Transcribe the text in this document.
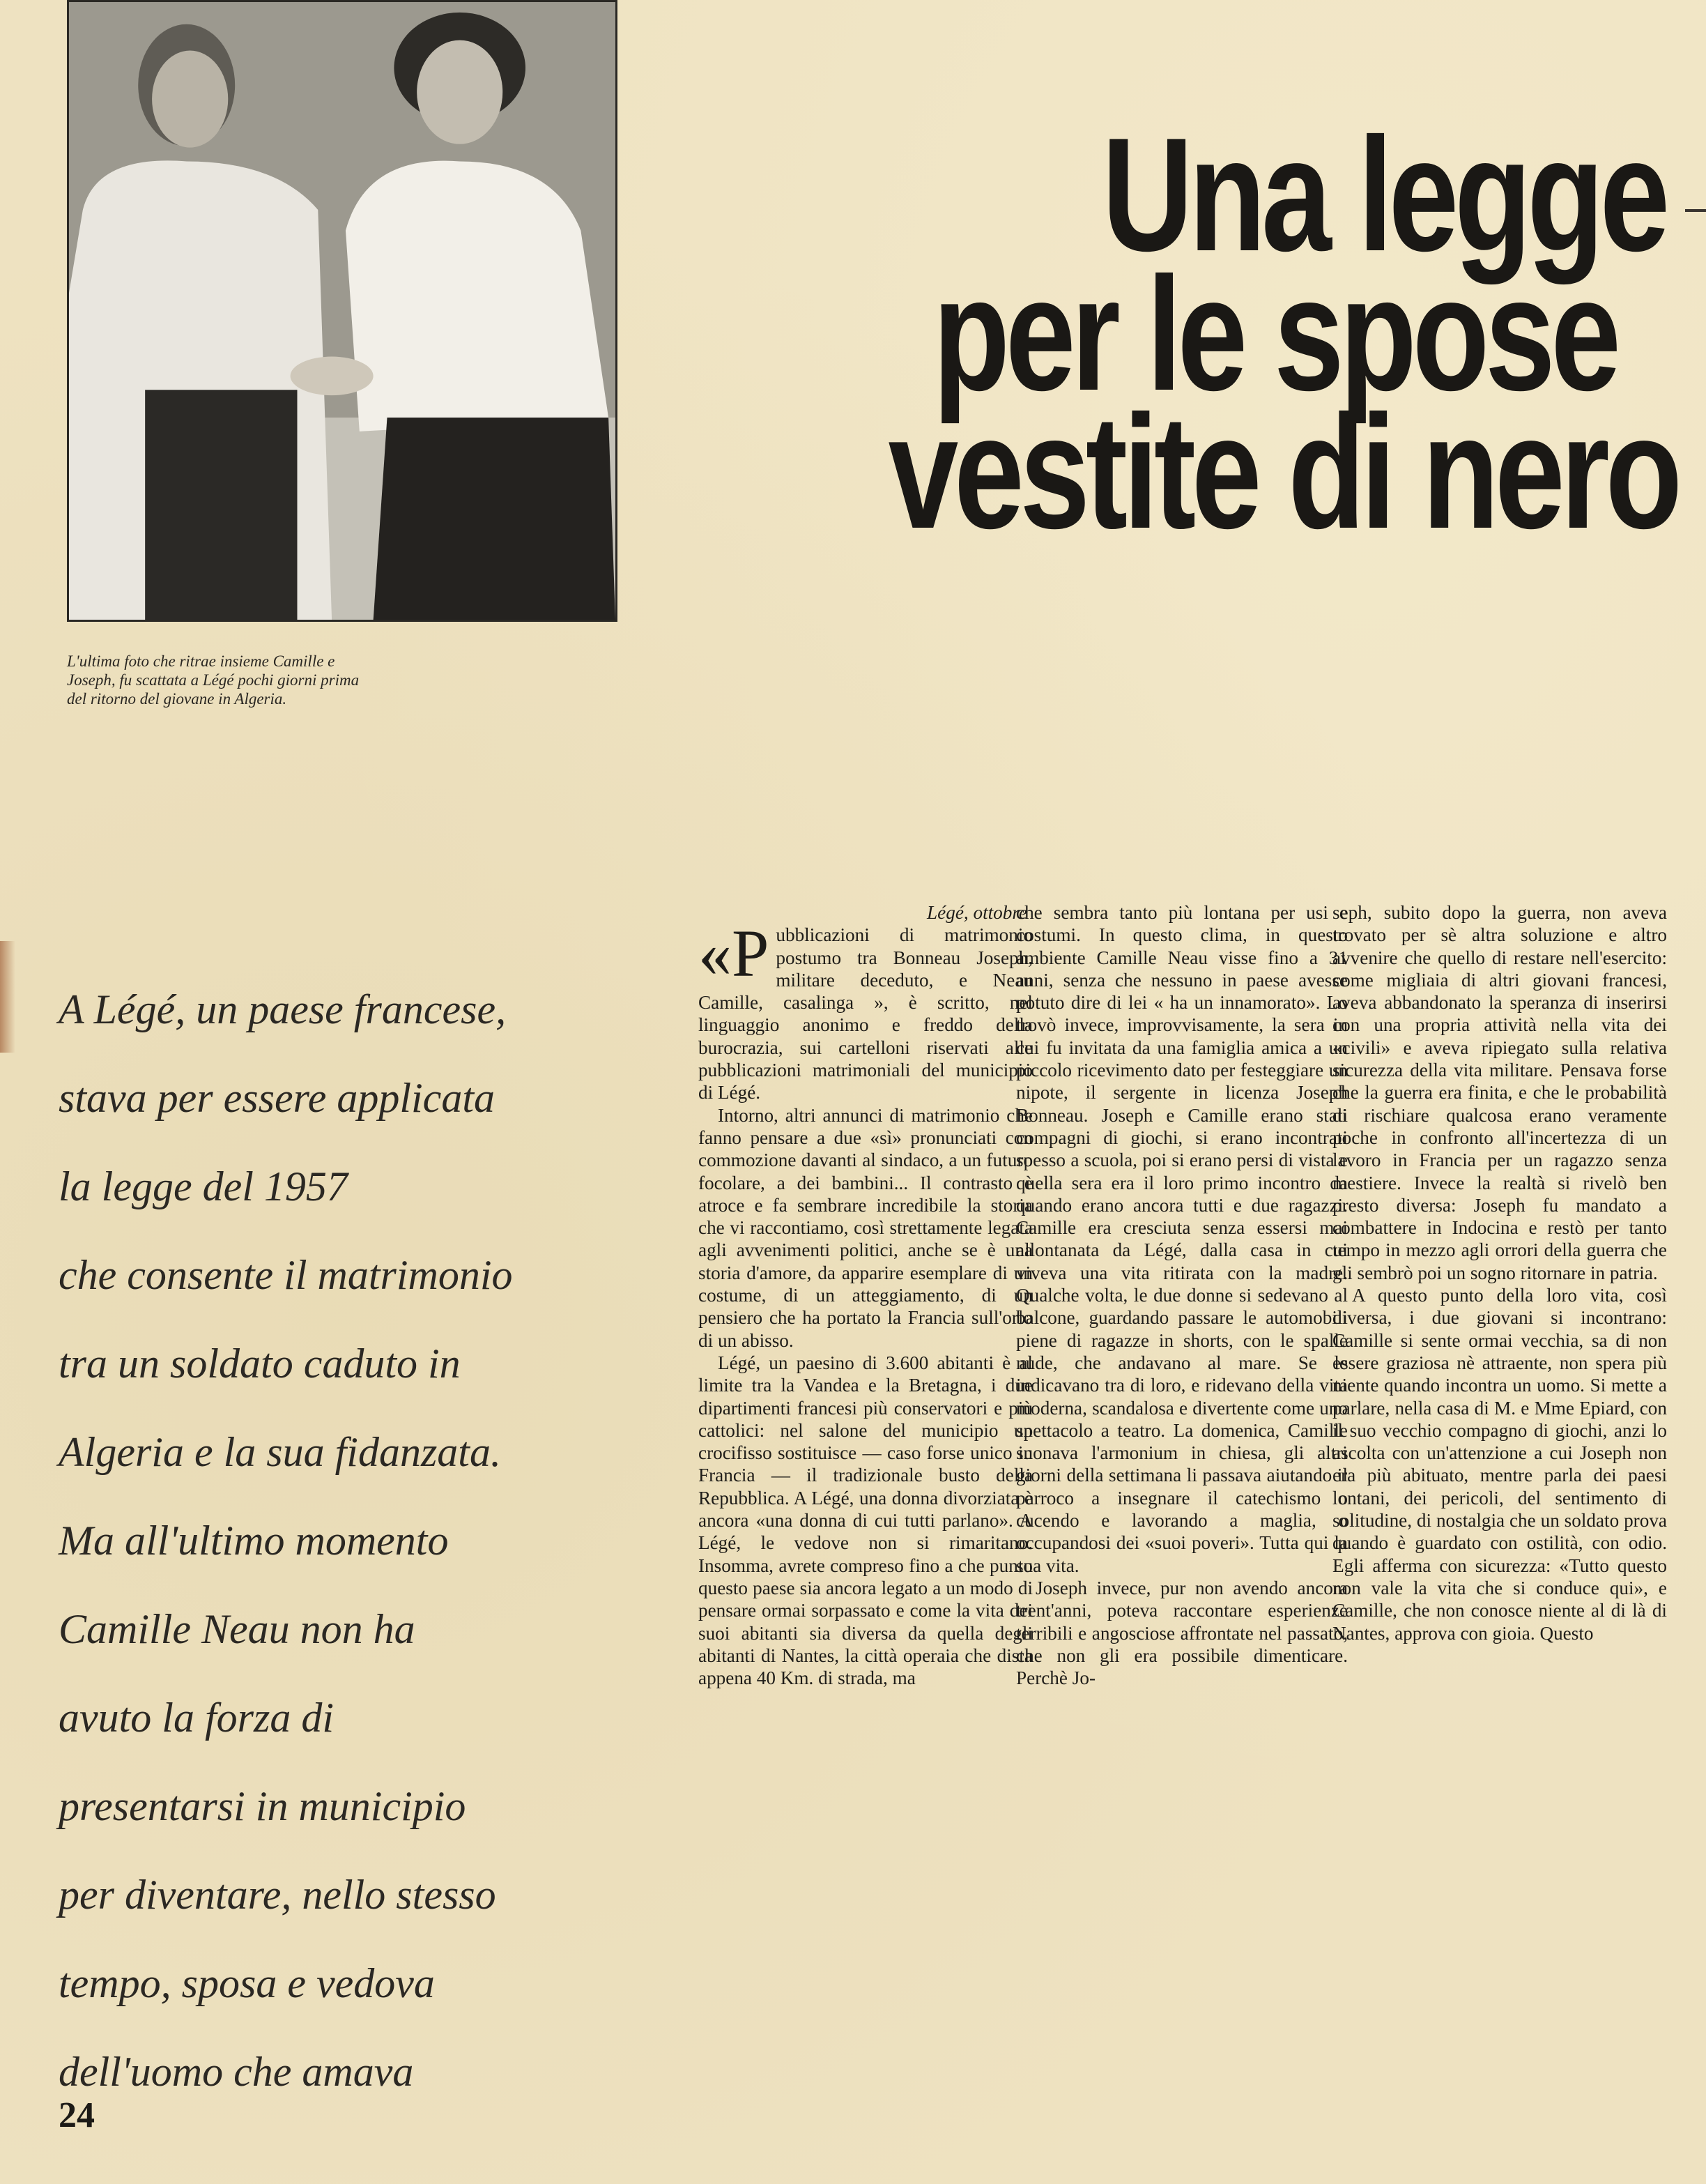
L'ultima foto che ritrae insieme Camille e Joseph, fu scattata a Légé pochi giorni prima del ritorno del giovane in Algeria.
Una legge
per le spose
vestite di nero
A Légé, un paese francese,
stava per essere applicata
la legge del 1957
che consente il matrimonio
tra un soldato caduto in
Algeria e la sua fidanzata.
Ma all'ultimo momento
Camille Neau non ha
avuto la forza di
presentarsi in municipio
per diventare, nello stesso
tempo, sposa e vedova
dell'uomo che amava
24
Légé, ottobre

«Pubblicazioni di matrimonio postumo tra Bonneau Joseph, militare deceduto, e Neau Camille, casalinga », è scritto, nel linguaggio anonimo e freddo della burocrazia, sui cartelloni riservati alle pubblicazioni matrimoniali del municipio di Légé.

Intorno, altri annunci di matrimonio che fanno pensare a due «sì» pronunciati con commozione davanti al sindaco, a un futuro focolare, a dei bambini... Il contrasto è atroce e fa sembrare incredibile la storia che vi raccontiamo, così strettamente legata agli avvenimenti politici, anche se è una storia d'amore, da apparire esemplare di un costume, di un atteggiamento, di un pensiero che ha portato la Francia sull'orlo di un abisso.

Légé, un paesino di 3.600 abitanti è al limite tra la Vandea e la Bretagna, i due dipartimenti francesi più conservatori e più cattolici: nel salone del municipio un crocifisso sostituisce — caso forse unico in Francia — il tradizionale busto della Repubblica. A Légé, una donna divorziata è ancora «una donna di cui tutti parlano». A Légé, le vedove non si rimaritano. Insomma, avrete compreso fino a che punto questo paese sia ancora legato a un modo di pensare ormai sorpassato e come la vita dei suoi abitanti sia diversa da quella degli abitanti di Nantes, la città operaia che dista appena 40 Km. di strada, ma

che sembra tanto più lontana per usi e costumi. In questo clima, in questo ambiente Camille Neau visse fino a 31 anni, senza che nessuno in paese avesse potuto dire di lei « ha un innamorato». Lo trovò invece, improvvisamente, la sera in cui fu invitata da una famiglia amica a un piccolo ricevimento dato per festeggiare un nipote, il sergente in licenza Joseph Bonneau. Joseph e Camille erano stati compagni di giochi, si erano incontrati spesso a scuola, poi si erano persi di vista e quella sera era il loro primo incontro da quando erano ancora tutti e due ragazzi. Camille era cresciuta senza essersi mai allontanata da Légé, dalla casa in cui viveva una vita ritirata con la madre. Qualche volta, le due donne si sedevano al balcone, guardando passare le automobili piene di ragazze in shorts, con le spalle nude, che andavano al mare. Se le indicavano tra di loro, e ridevano della vita moderna, scandalosa e divertente come uno spettacolo a teatro. La domenica, Camille suonava l'armonium in chiesa, gli altri giorni della settimana li passava aiutando il parroco a insegnare il catechismo o cucendo e lavorando a maglia, o occupandosi dei «suoi poveri». Tutta qui la sua vita.

Joseph invece, pur non avendo ancora trent'anni, poteva raccontare esperienze terribili e angosciose affrontate nel passato, che non gli era possibile dimenticare. Perchè Jo-

seph, subito dopo la guerra, non aveva trovato per sè altra soluzione e altro avvenire che quello di restare nell'esercito: come migliaia di altri giovani francesi, aveva abbandonato la speranza di inserirsi con una propria attività nella vita dei «civili» e aveva ripiegato sulla relativa sicurezza della vita militare. Pensava forse che la guerra era finita, e che le probabilità di rischiare qualcosa erano veramente poche in confronto all'incertezza di un lavoro in Francia per un ragazzo senza mestiere. Invece la realtà si rivelò ben presto diversa: Joseph fu mandato a combattere in Indocina e restò per tanto tempo in mezzo agli orrori della guerra che gli sembrò poi un sogno ritornare in patria.

A questo punto della loro vita, così diversa, i due giovani si incontrano: Camille si sente ormai vecchia, sa di non essere graziosa nè attraente, non spera più niente quando incontra un uomo. Si mette a parlare, nella casa di M. e Mme Epiard, con il suo vecchio compagno di giochi, anzi lo ascolta con un'attenzione a cui Joseph non era più abituato, mentre parla dei paesi lontani, dei pericoli, del sentimento di solitudine, di nostalgia che un soldato prova quando è guardato con ostilità, con odio. Egli afferma con sicurezza: «Tutto questo non vale la vita che si conduce qui», e Camille, che non conosce niente al di là di Nantes, approva con gioia. Questo
